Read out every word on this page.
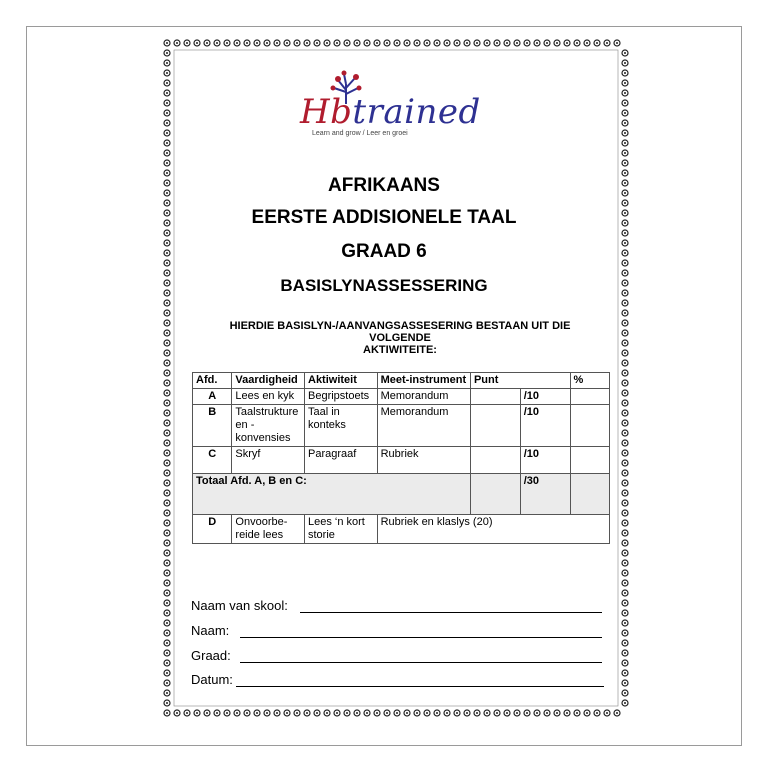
Hbtrained
Learn and grow / Leer en groei
AFRIKAANS
EERSTE ADDISIONELE TAAL
GRAAD 6
BASISLYNASSESSERING
HIERDIE BASISLYN-/AANVANGSASSESERING BESTAAN UIT DIE
VOLGENDE
AKTIWITEITE:
Afd.	Vaardigheid	Aktiwiteit	Meet-instrument	Punt		%
A	Lees en kyk	Begripstoets	Memorandum		/10	
B	Taalstrukture en - konvensies	Taal in konteks	Memorandum		/10	
C	Skryf	Paragraaf	Rubriek		/10	
Totaal Afd. A, B en C:					/30	
D	Onvoorbe- reide lees	Lees ‘n kort storie	Rubriek en klaslys (20)			
Naam van skool:
Naam:
Graad:
Datum:
